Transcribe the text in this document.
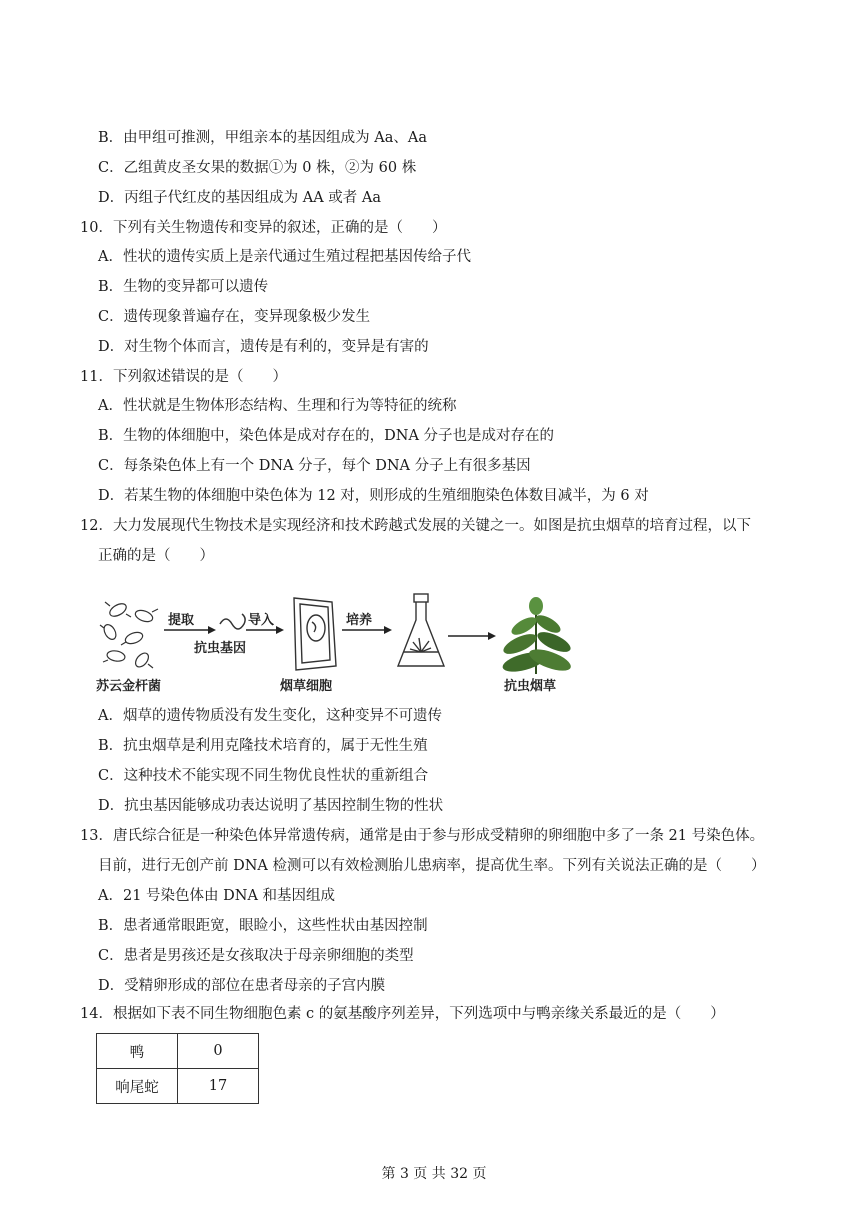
B．由甲组可推测，甲组亲本的基因组成为 Aa、Aa
C．乙组黄皮圣女果的数据①为 0 株，②为 60 株
D．丙组子代红皮的基因组成为 AA 或者 Aa
10．下列有关生物遗传和变异的叙述，正确的是（　　）
A．性状的遗传实质上是亲代通过生殖过程把基因传给子代
B．生物的变异都可以遗传
C．遗传现象普遍存在，变异现象极少发生
D．对生物个体而言，遗传是有利的，变异是有害的
11．下列叙述错误的是（　　）
A．性状就是生物体形态结构、生理和行为等特征的统称
B．生物的体细胞中，染色体是成对存在的，DNA 分子也是成对存在的
C．每条染色体上有一个 DNA 分子，每个 DNA 分子上有很多基因
D．若某生物的体细胞中染色体为 12 对，则形成的生殖细胞染色体数目减半，为 6 对
12．大力发展现代生物技术是实现经济和技术跨越式发展的关键之一。如图是抗虫烟草的培育过程，以下
正确的是（　　）
提取
抗虫基因
导入
烟草细胞
培养
苏云金杆菌	抗虫烟草
A．烟草的遗传物质没有发生变化，这种变异不可遗传
B．抗虫烟草是利用克隆技术培育的，属于无性生殖
C．这种技术不能实现不同生物优良性状的重新组合
D．抗虫基因能够成功表达说明了基因控制生物的性状
13．唐氏综合征是一种染色体异常遗传病，通常是由于参与形成受精卵的卵细胞中多了一条 21 号染色体。
目前，进行无创产前 DNA 检测可以有效检测胎儿患病率，提高优生率。下列有关说法正确的是（　　）
A．21 号染色体由 DNA 和基因组成
B．患者通常眼距宽，眼睑小，这些性状由基因控制
C．患者是男孩还是女孩取决于母亲卵细胞的类型
D．受精卵形成的部位在患者母亲的子宫内膜
14．根据如下表不同生物细胞色素 c 的氨基酸序列差异，下列选项中与鸭亲缘关系最近的是（　　）
鸭	0
响尾蛇	17
第 3 页 共 32 页
